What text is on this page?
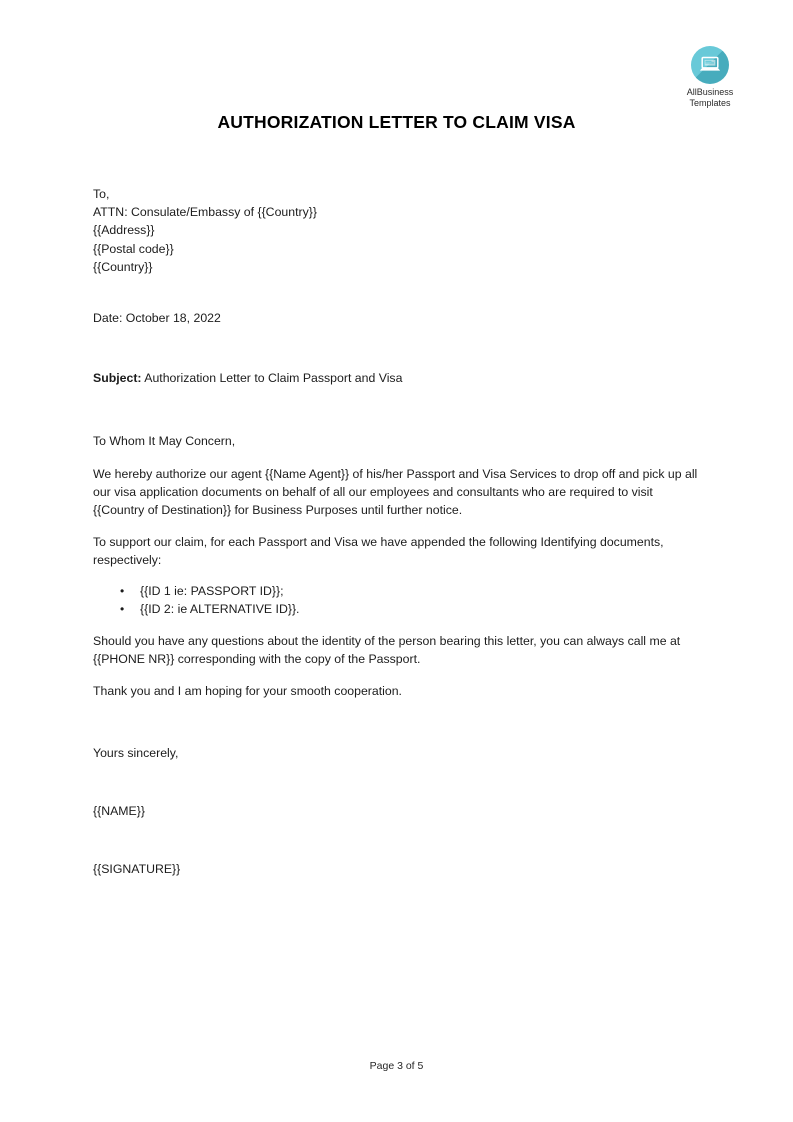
AllBusiness
Templates
AUTHORIZATION LETTER TO CLAIM VISA
To,
ATTN: Consulate/Embassy of {{Country}}
{{Address}}
{{Postal code}}
{{Country}}
Date: October 18, 2022
Subject: Authorization Letter to Claim Passport and Visa
To Whom It May Concern,

We hereby authorize our agent {{Name Agent}} of his/her Passport and Visa Services to drop off and pick up all our visa application documents on behalf of all our employees and consultants who are required to visit {{Country of Destination}} for Business Purposes until further notice.

To support our claim, for each Passport and Visa we have appended the following Identifying documents, respectively:

• {{ID 1 ie: PASSPORT ID}};
• {{ID 2: ie ALTERNATIVE ID}}.

Should you have any questions about the identity of the person bearing this letter, you can always call me at {{PHONE NR}} corresponding with the copy of the Passport.

Thank you and I am hoping for your smooth cooperation.

Yours sincerely,
{{NAME}}
{{SIGNATURE}}
Page 3 of 5
